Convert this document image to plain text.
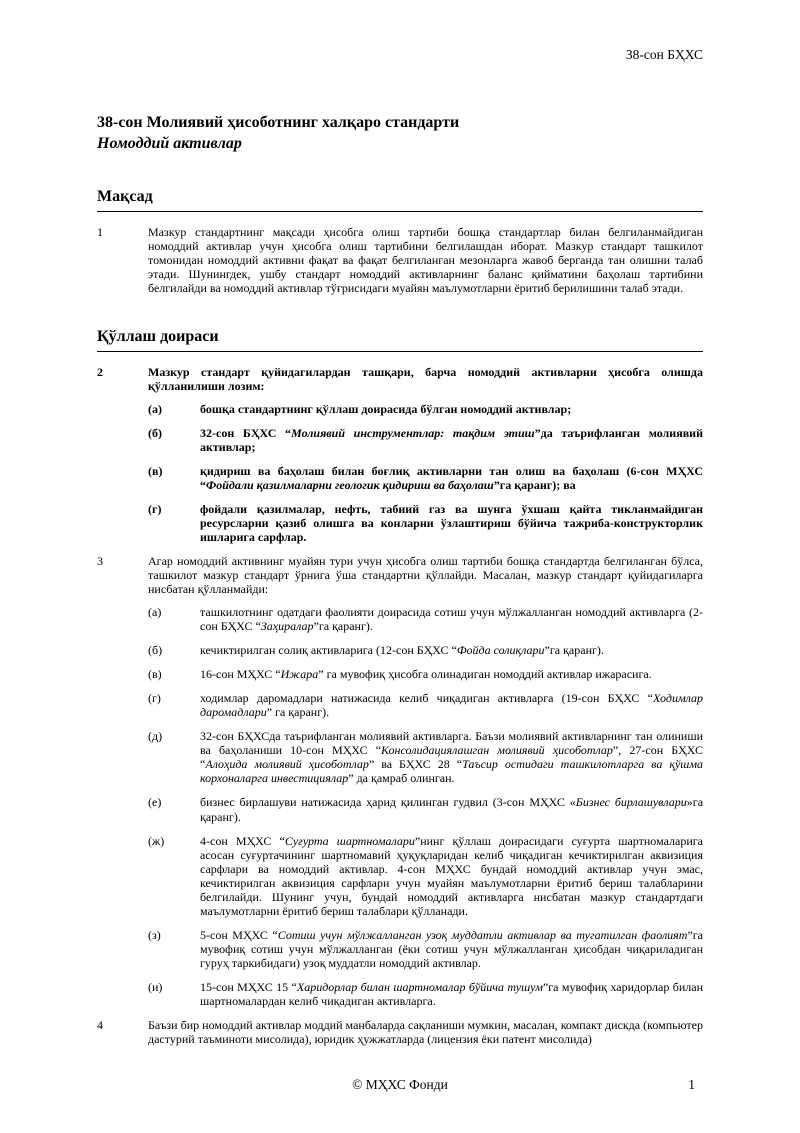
38-сон БҲХС
38-сон Молиявий ҳисоботнинг халқаро стандарти
Номоддий активлар
Мақсад
1	Мазкур стандартнинг мақсади ҳисобга олиш тартиби бошқа стандартлар билан белгиланмайдиган номоддий активлар учун ҳисобга олиш тартибини белгилашдан иборат. Мазкур стандарт ташкилот томонидан номоддий активни фақат ва фақат белгиланган мезонларга жавоб берганда тан олишни талаб этади. Шунингдек, ушбу стандарт номоддий активларнинг баланс қийматини баҳолаш тартибини белгилайди ва номоддий активлар тўғрисидаги муайян маълумотларни ёритиб берилишини талаб этади.
Қўллаш доираси
2	Мазкур стандарт қуйидагилардан ташқари, барча номоддий активларни ҳисобга олишда қўлланилиши лозим:
(а)	бошқа стандартнинг қўллаш доирасида бўлган номоддий активлар;
(б)	32-сон БҲХС “Молиявий инструментлар: тақдим этиш”да таърифланган молиявий активлар;
(в)	қидириш ва баҳолаш билан боғлиқ активларни тан олиш ва баҳолаш (6-сон МҲХС “Фойдали қазилмаларни геологик қидириш ва баҳолаш”га қаранг); ва
(г)	фойдали қазилмалар, нефть, табиий газ ва шунга ўхшаш қайта тикланмайдиган ресурсларни қазиб олишга ва конларни ўзлаштириш бўйича тажриба-конструкторлик ишларига сарфлар.
3	Агар номоддий активнинг муайян тури учун ҳисобга олиш тартиби бошқа стандартда белгиланган бўлса, ташкилот мазкур стандарт ўрнига ўша стандартни қўллайди. Масалан, мазкур стандарт қуйидагиларга нисбатан қўлланмайди:
(а)	ташкилотнинг одатдаги фаолияти доирасида сотиш учун мўлжалланган номоддий активларга (2-сон БҲХС “Заҳиралар”га қаранг).
(б)	кечиктирилган солиқ активларига (12-сон БҲХС “Фойда солиқлари”га қаранг).
(в)	16-сон МҲХС “Ижара” га мувофиқ ҳисобга олинадиган номоддий активлар ижарасига.
(г)	ходимлар даромадлари натижасида келиб чиқадиган активларга (19-сон БҲХС “Ходимлар даромадлари” га қаранг).
(д)	32-сон БҲХСда таърифланган молиявий активларга. Баъзи молиявий активларнинг тан олиниши ва баҳоланиши 10-сон МҲХС “Консолидациялашган молиявий ҳисоботлар”, 27-сон БҲХС “Алоҳида молиявий ҳисоботлар” ва БҲХС 28 “Таъсир остидаги ташкилотларга ва қўшма корхоналарга инвестициялар” да қамраб олинган.
(е)	бизнес бирлашуви натижасида ҳарид қилинган гудвил (3-сон МҲХС «Бизнес бирлашувлари»га қаранг).
(ж)	4-сон МҲХС “Суғурта шартномалари”нинг қўллаш доирасидаги суғурта шартномаларига асосан суғуртачининг шартномавий ҳуқуқларидан келиб чиқадиган кечиктирилган аквизиция сарфлари ва номоддий активлар. 4-сон МҲХС бундай номоддий активлар учун эмас, кечиктирилган аквизиция сарфлари учун муайян маълумотларни ёритиб бериш талабларини белгилайди. Шунинг учун, бундай номоддий активларга нисбатан мазкур стандартдаги маълумотларни ёритиб бериш талаблари қўлланади.
(з)	5-сон МҲХС “Сотиш учун мўлжалланган узоқ муддатли активлар ва тугатилган фаолият”га мувофиқ сотиш учун мўлжалланган (ёки сотиш учун мўлжалланган ҳисобдан чиқариладиган гуруҳ таркибидаги) узоқ муддатли номоддий активлар.
(и)	15-сон МҲХС 15 “Харидорлар билан шартномалар бўйича тушум”га мувофиқ харидорлар билан шартномалардан келиб чиқадиган активларга.
4	Баъзи бир номоддий активлар моддий манбаларда сақланиши мумкин, масалан, компакт дискда (компьютер дастурий таъминоти мисолида), юридик ҳужжатларда (лицензия ёки патент мисолида)
© МҲХС Фонди	1
